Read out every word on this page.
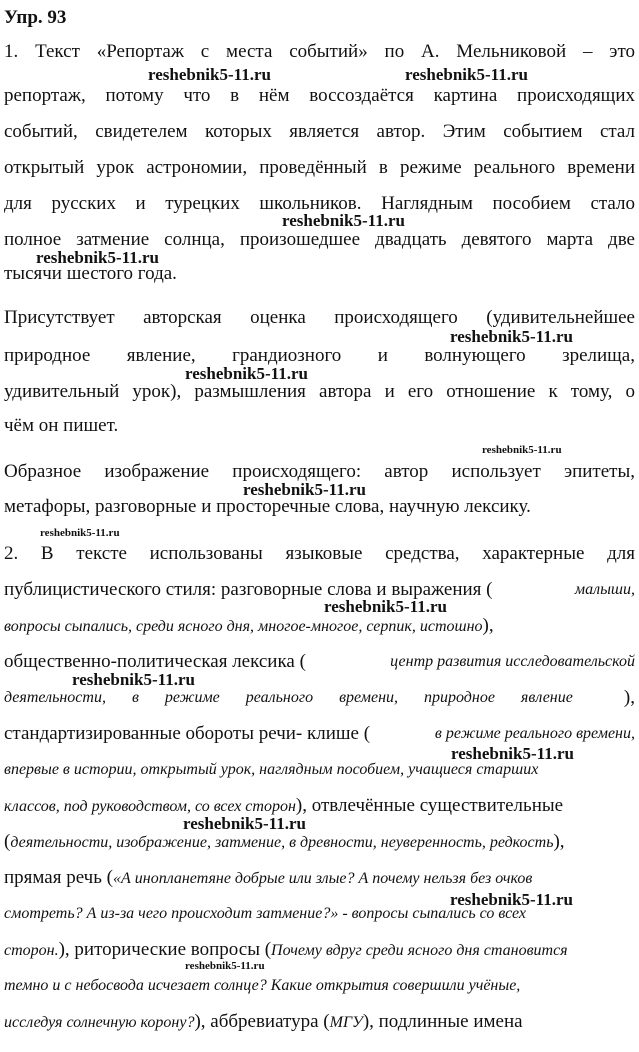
Упр. 93
1. Текст «Репортаж с места событий» по А. Мельниковой – это
репортаж, потому что в нём воссоздаётся картина происходящих
событий, свидетелем которых является автор. Этим событием стал
открытый урок астрономии, проведённый в режиме реального времени
для русских и турецких школьников. Наглядным пособием стало
полное затмение солнца, произошедшее двадцать девятого марта две
тысячи шестого года.
Присутствует авторская оценка происходящего (удивительнейшее
природное явление, грандиозного и волнующего зрелища,
удивительный урок), размышления автора и его отношение к тому, о
чём он пишет.
Образное изображение происходящего: автор использует эпитеты,
метафоры, разговорные и просторечные слова, научную лексику.
2. В тексте использованы языковые средства, характерные для
публицистического стиля: разговорные слова и выражения (	малыши,
вопросы сыпались, среди ясного дня, многое-многое, серпик, истошно),
общественно-политическая лексика (	центр развития исследовательской
деятельности, в режиме реального времени, природное явление	),
стандартизированные обороты речи- клише (	в режиме реального времени,
впервые в истории, открытый урок, наглядным пособием, учащиеся старших
классов, под руководством, со всех сторон), отвлечённые существительные
(деятельности, изображение, затмение, в древности, неуверенность, редкость),
прямая речь («А инопланетяне добрые или злые? А почему нельзя без очков
смотреть? А из-за чего происходит затмение?» - вопросы сыпались со всех
сторон.), риторические вопросы (Почему вдруг среди ясного дня становится
темно и с небосвода исчезает солнце? Какие открытия совершили учёные,
исследуя солнечную корону?), аббревиатура (МГУ), подлинные имена
reshebnik5-11.ru	reshebnik5-11.ru
reshebnik5-11.ru
reshebnik5-11.ru
reshebnik5-11.ru
reshebnik5-11.ru
reshebnik5-11.ru
reshebnik5-11.ru
reshebnik5-11.ru
reshebnik5-11.ru
reshebnik5-11.ru
reshebnik5-11.ru
reshebnik5-11.ru
reshebnik5-11.ru
reshebnik5-11.ru
